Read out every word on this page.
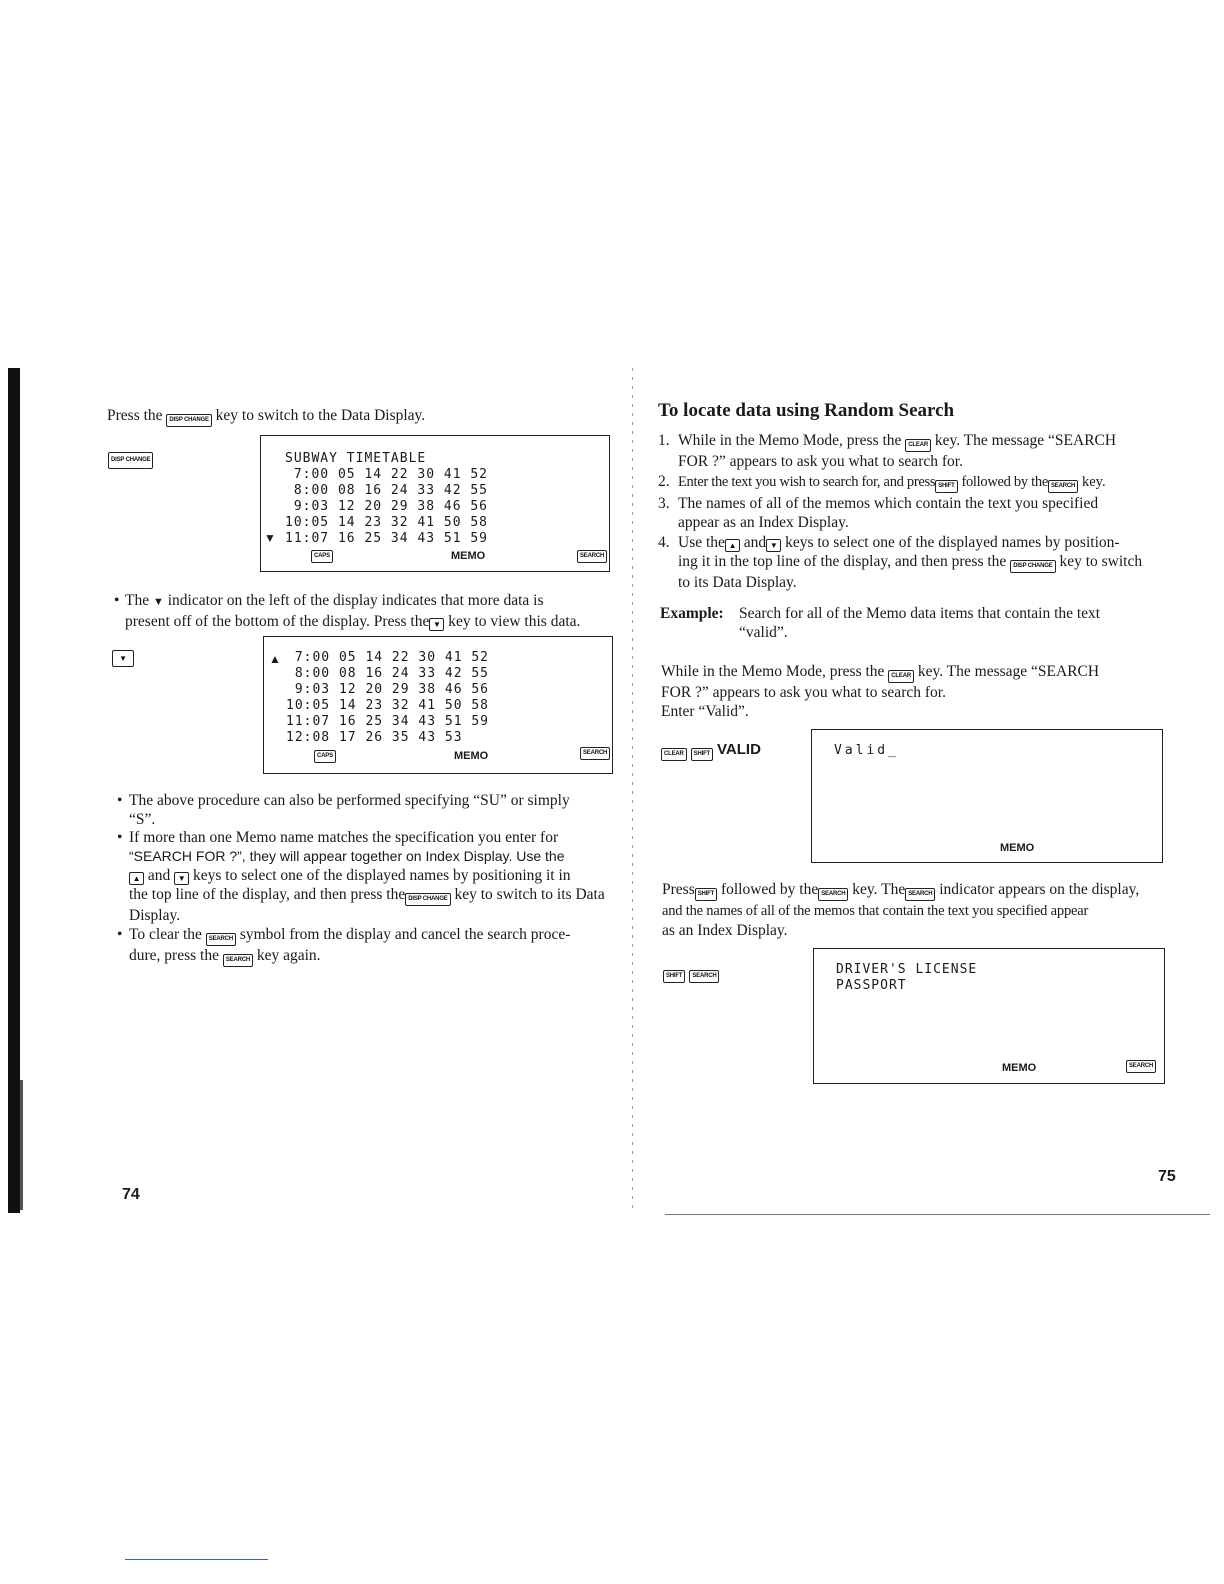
Press the DISP CHANGE key to switch to the Data Display.
DISP CHANGE	SUBWAY TIMETABLE
7:00 05 14 22 30 41 52
8:00 08 16 24 33 42 55
9:03 12 20 29 38 46 56
10:05 14 23 32 41 50 58
11:07 16 25 34 43 51 59
▼
CAPS	MEMO	SEARCH
• The ▼ indicator on the left of the display indicates that more data is
present off of the bottom of the display. Press the ▼ key to view this data.
▼	▲ 7:00 05 14 22 30 41 52
8:00 08 16 24 33 42 55
9:03 12 20 29 38 46 56
10:05 14 23 32 41 50 58
11:07 16 25 34 43 51 59
12:08 17 26 35 43 53
CAPS	MEMO	SEARCH
• The above procedure can also be performed specifying “SU” or simply
“S”.
• If more than one Memo name matches the specification you enter for
“SEARCH FOR ?”, they will appear together on Index Display. Use the
▲ and ▼ keys to select one of the displayed names by positioning it in
the top line of the display, and then press the DISP CHANGE key to switch to its Data
Display.
• To clear the SEARCH symbol from the display and cancel the search proce-
dure, press the SEARCH key again.
74
To locate data using Random Search
1. While in the Memo Mode, press the CLEAR key. The message “SEARCH
FOR ?” appears to ask you what to search for.
2. Enter the text you wish to search for, and press SHIFT followed by the SEARCH key.
3. The names of all of the memos which contain the text you specified
appear as an Index Display.
4. Use the ▲ and ▼ keys to select one of the displayed names by position-
ing it in the top line of the display, and then press the DISP CHANGE key to switch
to its Data Display.
Example: Search for all of the Memo data items that contain the text
“valid”.
While in the Memo Mode, press the CLEAR key. The message “SEARCH
FOR ?” appears to ask you what to search for.
Enter “Valid”.
CLEAR SHIFT VALID	Valid_
MEMO
Press SHIFT followed by the SEARCH key. The SEARCH indicator appears on the display,
and the names of all of the memos that contain the text you specified appear
as an Index Display.
SHIFT SEARCH	DRIVER'S LICENSE
PASSPORT
MEMO	SEARCH
75
